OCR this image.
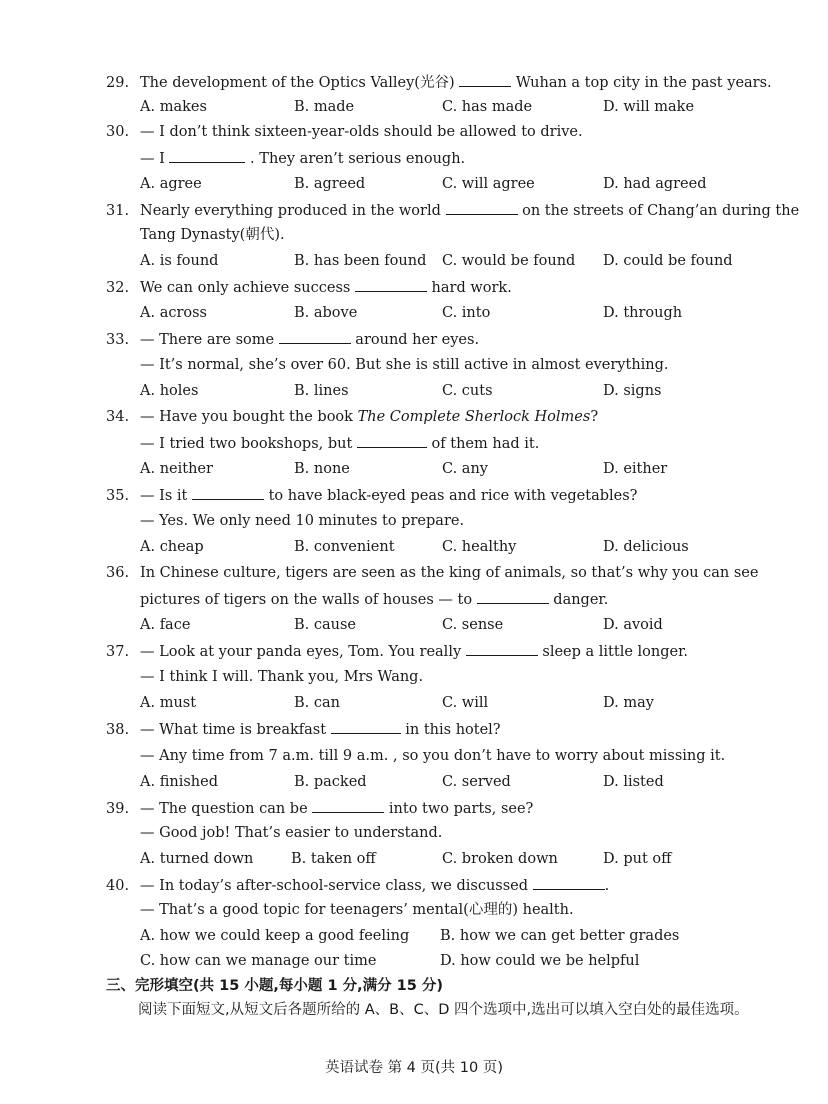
29. The development of the Optics Valley(光谷)	Wuhan a top city in the past years.
A. makes	B. made	C. has made	D. will make
30. — I don’t think sixteen-year-olds should be allowed to drive.
— I	. They aren’t serious enough.
A. agree	B. agreed	C. will agree	D. had agreed
31. Nearly everything produced in the world	on the streets of Chang’an during the
Tang Dynasty(朝代).
A. is found	B. has been found C. would be found D. could be found
32. We can only achieve success	hard work.
A. across	B. above	C. into	D. through
33. — There are some	around her eyes.
— It’s normal, she’s over 60. But she is still active in almost everything.
A. holes	B. lines	C. cuts	D. signs
34. — Have you bought the book The Complete Sherlock Holmes?
— I tried two bookshops, but	of them had it.
A. neither	B. none	C. any	D. either
35. — Is it	to have black-eyed peas and rice with vegetables?
— Yes. We only need 10 minutes to prepare.
A. cheap	B. convenient	C. healthy	D. delicious
36. In Chinese culture, tigers are seen as the king of animals, so that’s why you can see
pictures of tigers on the walls of houses — to	danger.
A. face	B. cause	C. sense	D. avoid
37. — Look at your panda eyes, Tom. You really	sleep a little longer.
— I think I will. Thank you, Mrs Wang.
A. must	B. can	C. will	D. may
38. — What time is breakfast	in this hotel?
— Any time from 7 a.m. till 9 a.m. , so you don’t have to worry about missing it.
A. finished	B. packed	C. served	D. listed
39. — The question can be	into two parts, see?
— Good job! That’s easier to understand.
A. turned down	B. taken off	C. broken down	D. put off
40. — In today’s after-school-service class, we discussed	.
— That’s a good topic for teenagers’ mental(心理的) health.
A. how we could keep a good feeling B. how we can get better grades
C. how can we manage our time	D. how could we be helpful
三、完形填空(共 15 小题,每小题 1 分,满分 15 分)
阅读下面短文,从短文后各题所给的 A、B、C、D 四个选项中,选出可以填入空白处的最佳选项。
英语试卷 第 4 页(共 10 页)
